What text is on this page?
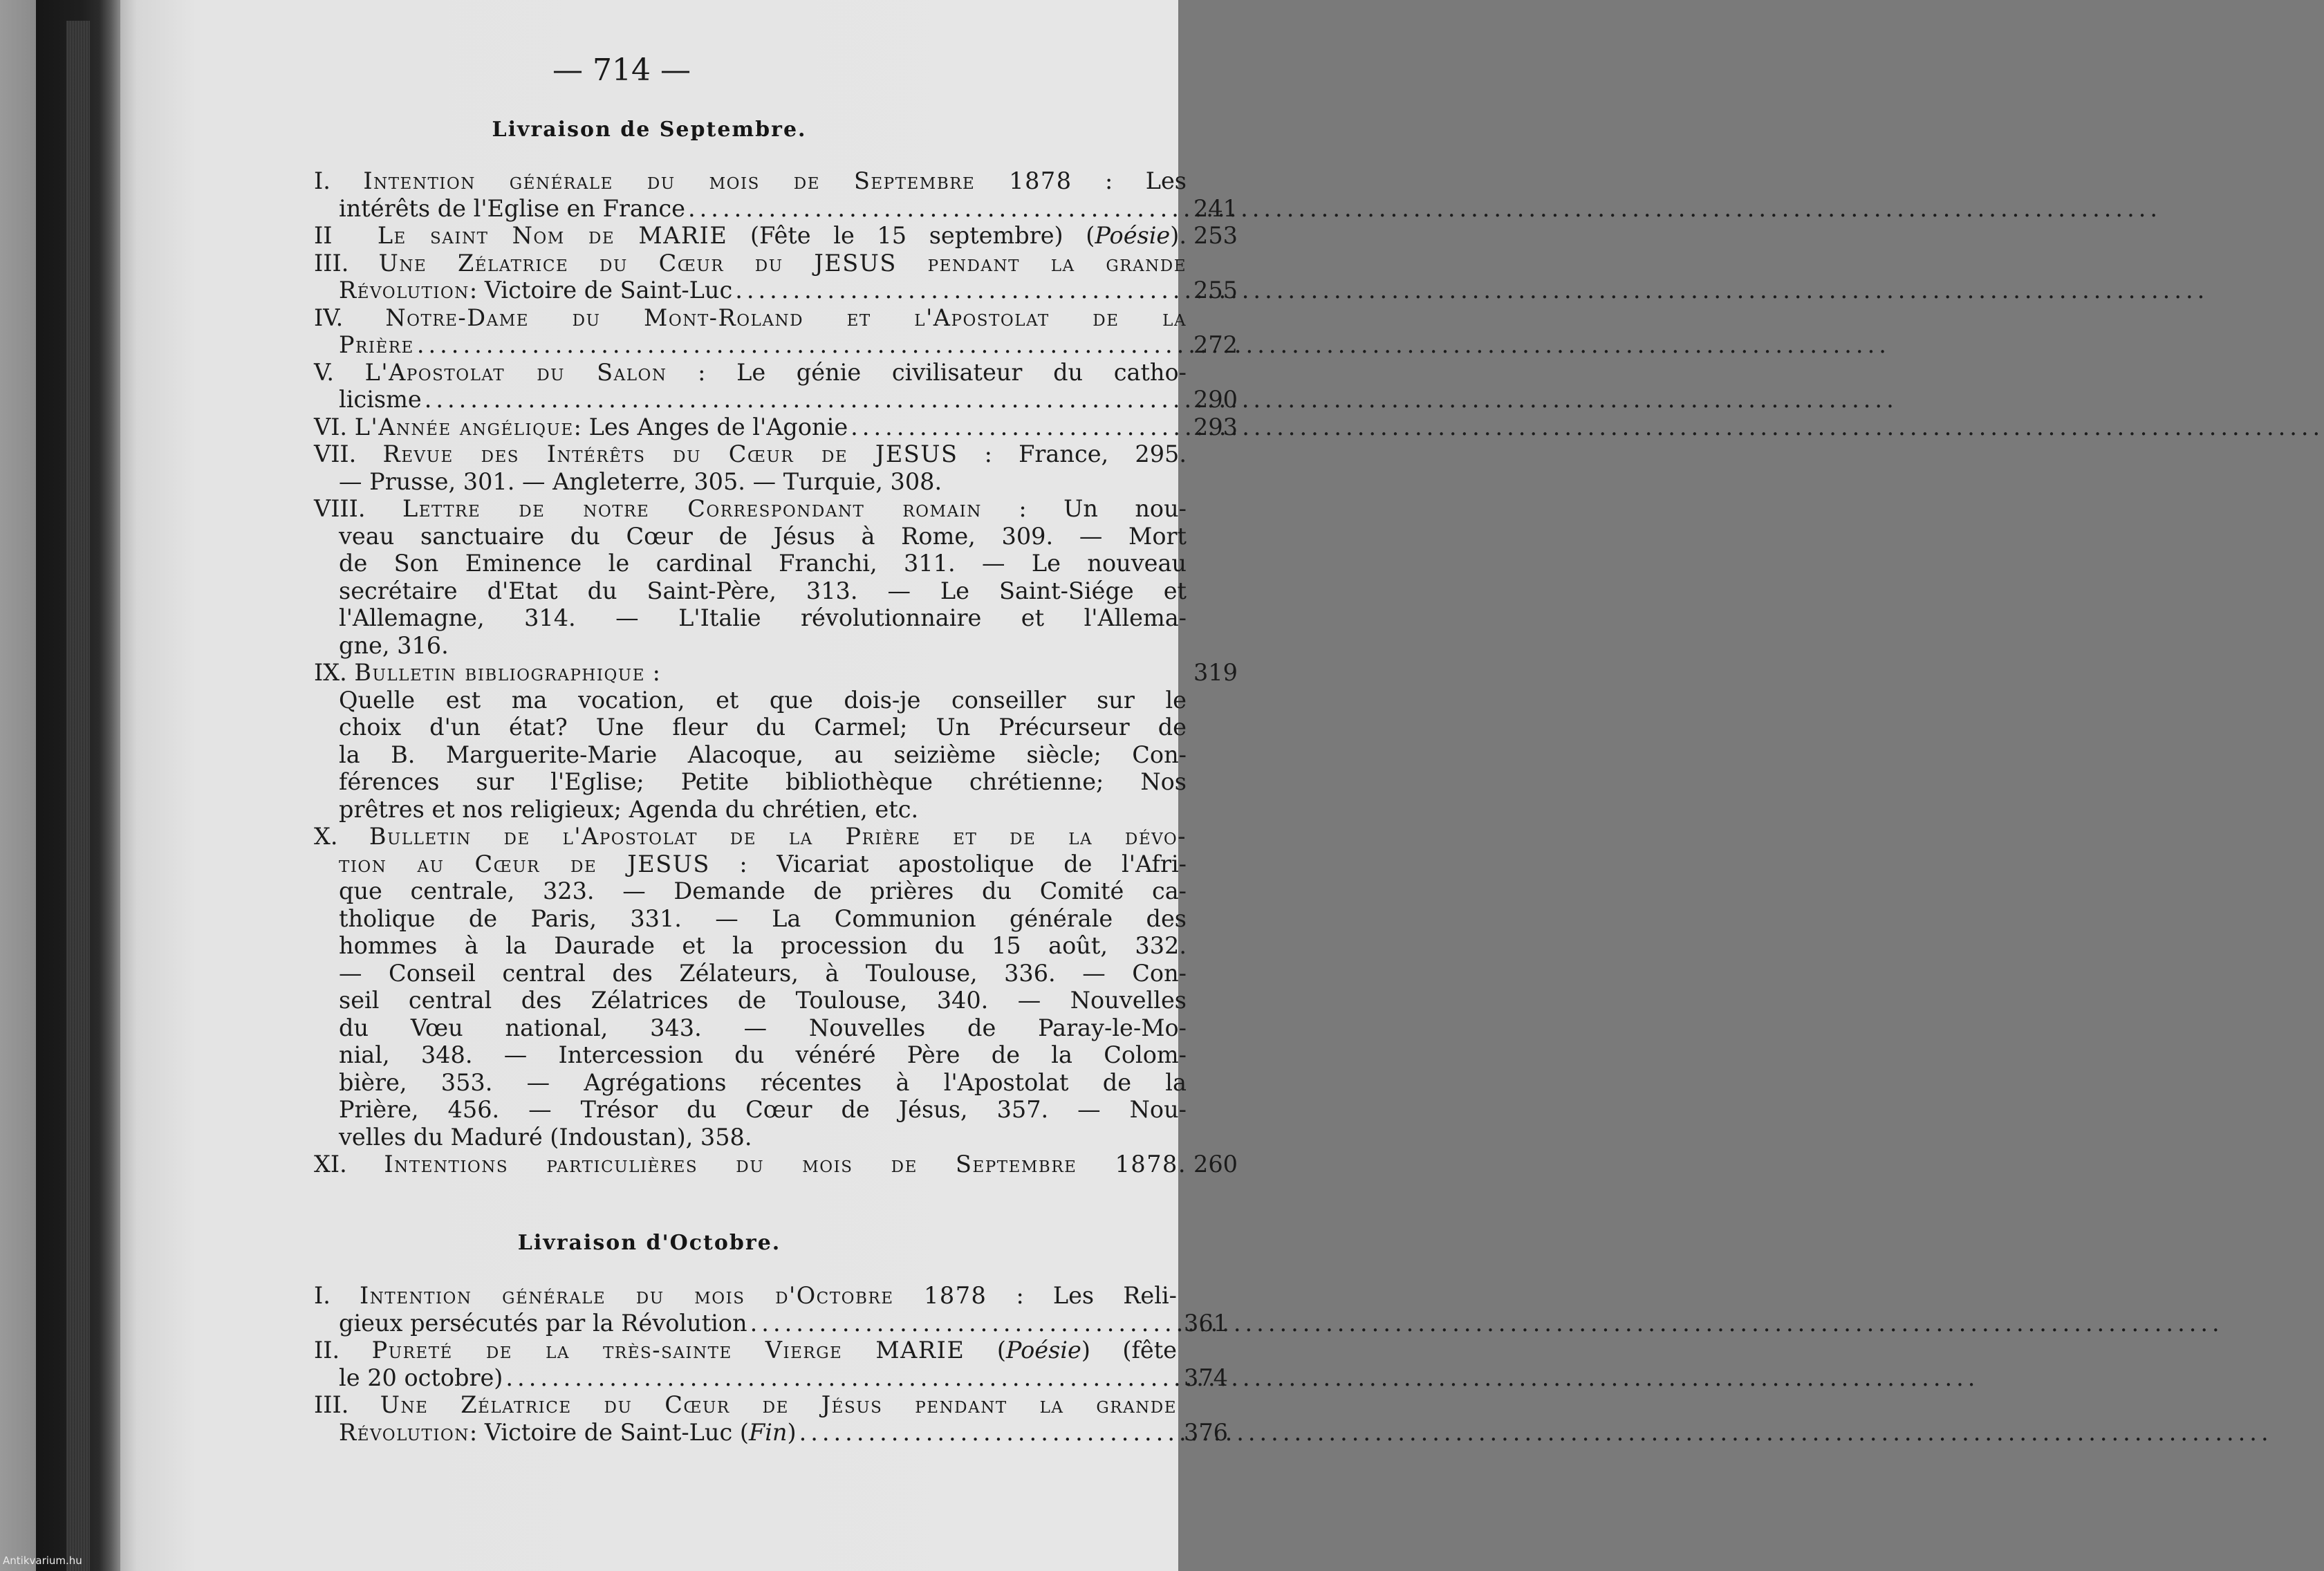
— 714 —
Livraison de Septembre.
I. Intention générale du mois de Septembre 1878 : Les
intérêts de l'Eglise en France .....	241
II Le saint Nom de MARIE (Fête le 15 septembre) (Poésie). 253
III. Une Zélatrice du Cœur du JESUS pendant la grande
Révolution : Victoire de Saint-Luc .....	255
IV. Notre-Dame du Mont-Roland et l'Apostolat de la
Prière .....	272
V. L'Apostolat du Salon : Le génie civilisateur du catho-
licisme .....	290
VI.
L'Année angélique : Les Anges de l'Agonie .....	293
VII. Revue des Intérêts du Cœur de JESUS : France, 295.
— Prusse, 301. — Angleterre, 305. — Turquie, 308.
VIII. Lettre de notre Correspondant romain : Un nou-
veau sanctuaire du Cœur de Jésus à Rome, 309. — Mort
de Son Eminence le cardinal Franchi, 311. — Le nouveau
secrétaire d'Etat du Saint-Père, 313. — Le Saint-Siége et
l'Allemagne, 314. — L'Italie révolutionnaire et l'Allema-
gne, 316.
IX. Bulletin bibliographique :	319
Quelle est ma vocation, et que dois-je conseiller sur le
choix d'un état? Une fleur du Carmel; Un Précurseur de
la B. Marguerite-Marie Alacoque, au seizième siècle; Con-
férences sur l'Eglise; Petite bibliothèque chrétienne; Nos
prêtres et nos religieux; Agenda du chrétien, etc.
X. Bulletin de l'Apostolat de la Prière et de la dévo-
tion au Cœur de JESUS : Vicariat apostolique de l'Afri-
que centrale, 323. — Demande de prières du Comité ca-
tholique de Paris, 331. — La Communion générale des
hommes à la Daurade et la procession du 15 août, 332.
— Conseil central des Zélateurs, à Toulouse, 336. — Con-
seil central des Zélatrices de Toulouse, 340. — Nouvelles
du Vœu national, 343. — Nouvelles de Paray-le-Mo-
nial, 348. — Intercession du vénéré Père de la Colom-
bière, 353. — Agrégations récentes à l'Apostolat de la
Prière, 456. — Trésor du Cœur de Jésus, 357. — Nou-
velles du Maduré (Indoustan), 358.
XI. Intentions particulières du mois de Septembre 1878. 260
Livraison d'Octobre.
I. Intention générale du mois d'Octobre 1878 : Les Reli-
gieux persécutés par la Révolution .....	361
II. Pureté de la très-sainte Vierge MARIE (Poésie) (fête
le 20 octobre) .....	374
III. Une Zélatrice du Cœur de Jésus pendant la grande
Révolution : Victoire de Saint-Luc ( Fin ) .....	376
Antikvarium.hu
